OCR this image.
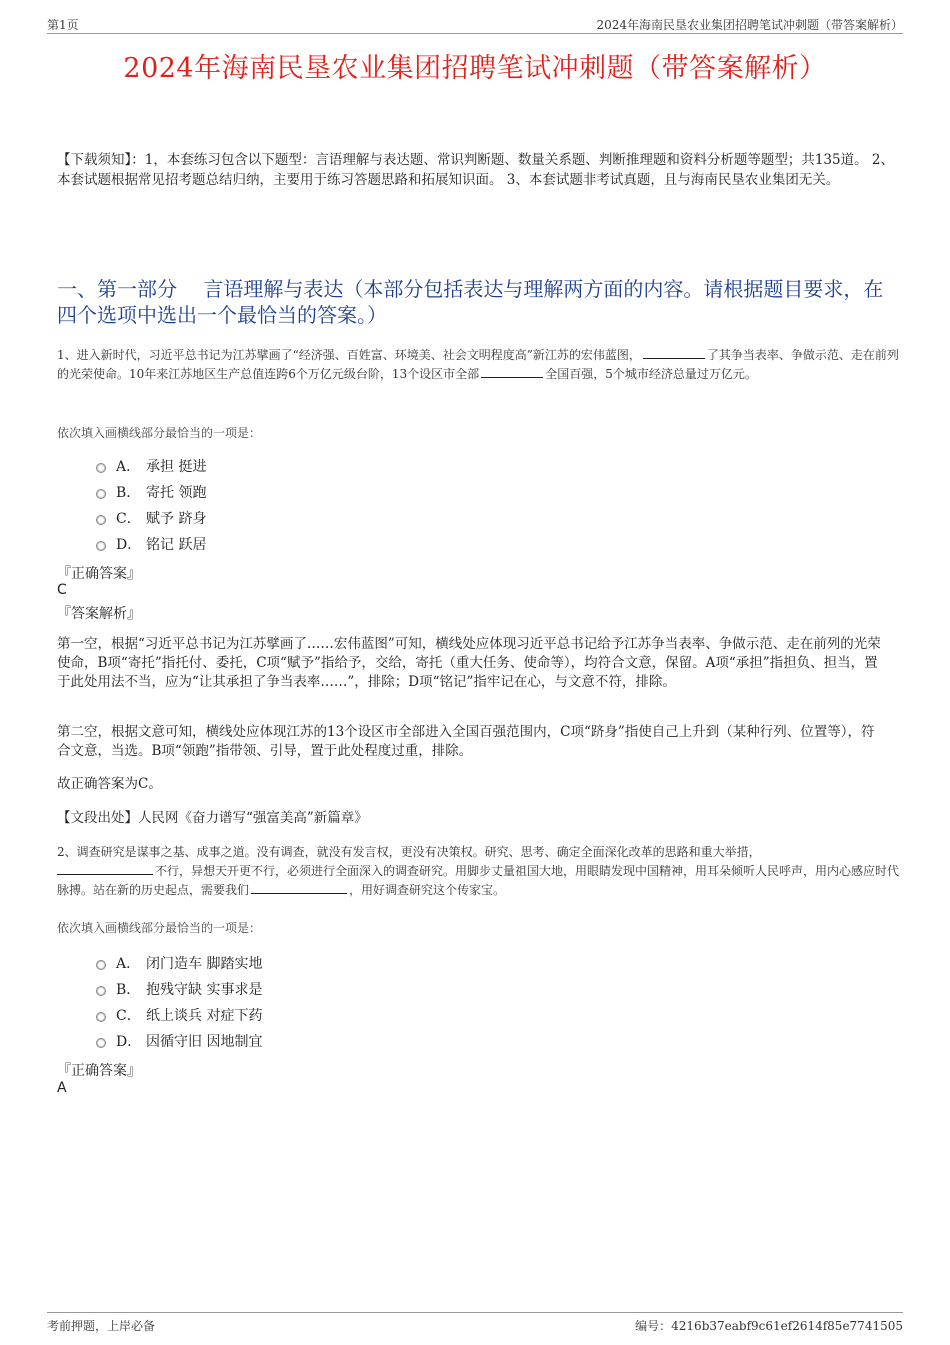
第1页	2024年海南民垦农业集团招聘笔试冲刺题（带答案解析）
2024年海南民垦农业集团招聘笔试冲刺题（带答案解析）
【下载须知】：1，本套练习包含以下题型：言语理解与表达题、常识判断题、数量关系题、判断推理题和资料分析题等题型；共135道。 2、本套试题根据常见招考题总结归纳，主要用于练习答题思路和拓展知识面。 3、本套试题非考试真题，且与海南民垦农业集团无关。
一、第一部分　 言语理解与表达（本部分包括表达与理解两方面的内容。请根据题目要求，在四个选项中选出一个最恰当的答案。）
1、进入新时代，习近平总书记为江苏擘画了“经济强、百姓富、环境美、社会文明程度高”新江苏的宏伟蓝图，	了其争当表率、争做示范、走在前列的光荣使命。10年来江苏地区生产总值连跨6个万亿元级台阶，13个设区市全部	全国百强，5个城市经济总量过万亿元。
依次填入画横线部分最恰当的一项是：
A． 承担 挺进
B． 寄托 领跑
C． 赋予 跻身
D． 铭记 跃居
『正确答案』
C
『答案解析』
第一空，根据“习近平总书记为江苏擘画了……宏伟蓝图”可知，横线处应体现习近平总书记给予江苏争当表率、争做示范、走在前列的光荣使命，B项“寄托”指托付、委托，C项“赋予”指给予，交给，寄托（重大任务、使命等），均符合文意，保留。A项“承担”指担负、担当，置于此处用法不当，应为“让其承担了争当表率……”，排除；D项“铭记”指牢记在心，与文意不符，排除。
第二空，根据文意可知，横线处应体现江苏的13个设区市全部进入全国百强范围内，C项“跻身”指使自己上升到（某种行列、位置等），符合文意，当选。B项“领跑”指带领、引导，置于此处程度过重，排除。
故正确答案为C。
【文段出处】人民网《奋力谱写“强富美高”新篇章》
2、调查研究是谋事之基、成事之道。没有调查，就没有发言权，更没有决策权。研究、思考、确定全面深化改革的思路和重大举措，
不行，异想天开更不行，必须进行全面深入的调查研究。用脚步丈量祖国大地，用眼睛发现中国精神，用耳朵倾听人民呼声，用内心感应时代脉搏。站在新的历史起点，需要我们	，用好调查研究这个传家宝。
依次填入画横线部分最恰当的一项是：
A． 闭门造车 脚踏实地
B． 抱残守缺 实事求是
C． 纸上谈兵 对症下药
D． 因循守旧 因地制宜
『正确答案』
A
考前押题，上岸必备	编号：4216b37eabf9c61ef2614f85e7741505
